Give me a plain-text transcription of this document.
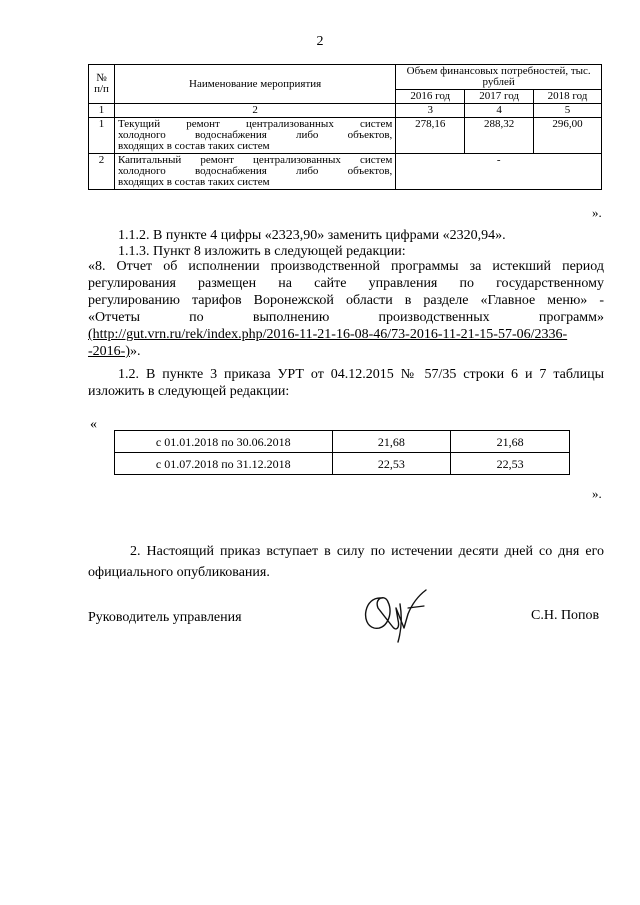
2
№ п/п	Наименование мероприятия	Объем финансовых потребностей, тыс. рублей		
		2016 год	2017 год	2018 год
1	2	3	4	5
1	Текущий ремонт централизованных систем
холодного водоснабжения либо объектов,
входящих в состав таких систем	278,16	288,32	296,00
2	Капитальный ремонт централизованных систем
холодного водоснабжения либо объектов,
входящих в состав таких систем	-		
».
1.1.2. В пункте 4 цифры «2323,90» заменить цифрами «2320,94».
1.1.3. Пункт 8 изложить в следующей редакции:
«8. Отчет об исполнении производственной программы за истекший период
регулирования размещен на сайте управления по государственному
регулированию тарифов Воронежской области в разделе «Главное меню» -
«Отчеты по выполнению производственных программ»
(http://gut.vrn.ru/rek/index.php/2016-11-21-16-08-46/73-2016-11-21-15-57-06/2336-
-2016-)».
1.2. В пункте 3 приказа УРТ от 04.12.2015 № 57/35 строки 6 и 7 таблицы
изложить в следующей редакции:
«
с 01.01.2018 по 30.06.2018	21,68	21,68
с 01.07.2018 по 31.12.2018	22,53	22,53
».
2. Настоящий приказ вступает в силу по истечении десяти дней со дня его
официального опубликования.
Руководитель управления	С.Н. Попов
